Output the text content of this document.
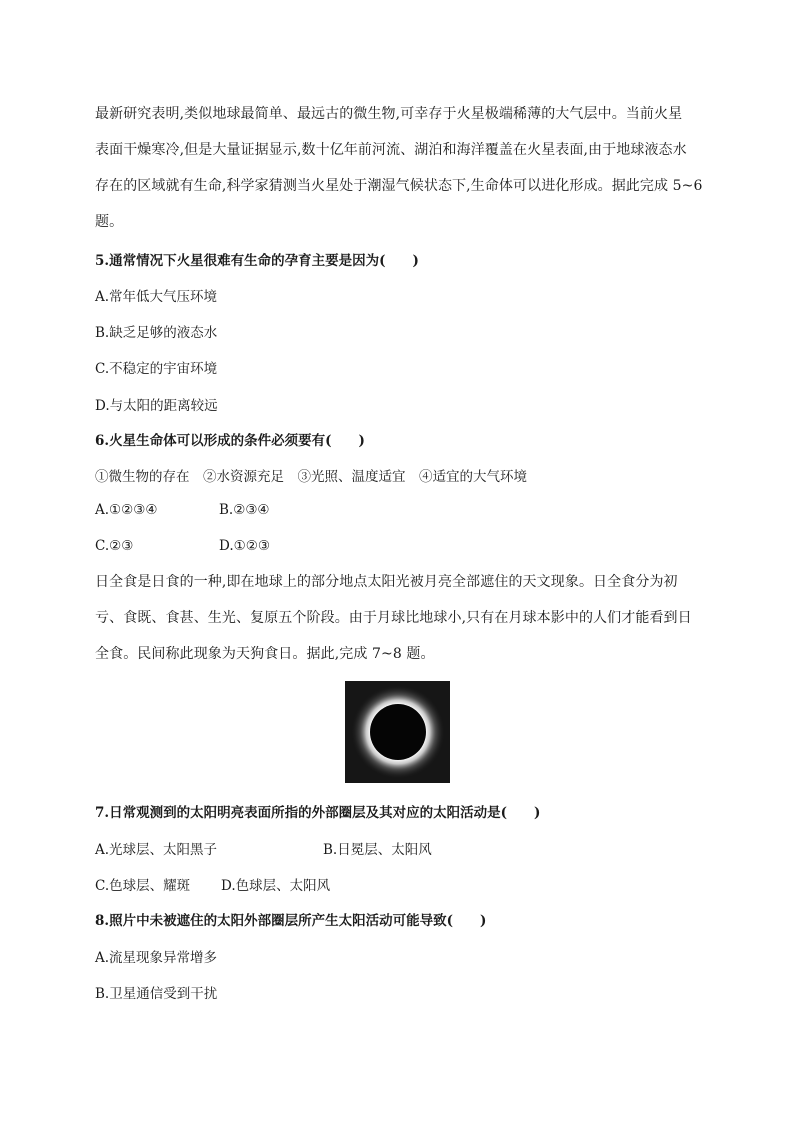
最新研究表明,类似地球最简单、最远古的微生物,可幸存于火星极端稀薄的大气层中。当前火星
表面干燥寒冷,但是大量证据显示,数十亿年前河流、湖泊和海洋覆盖在火星表面,由于地球液态水
存在的区域就有生命,科学家猜测当火星处于潮湿气候状态下,生命体可以进化形成。据此完成 5~6
题。
5.通常情况下火星很难有生命的孕育主要是因为(　　)
A.常年低大气压环境
B.缺乏足够的液态水
C.不稳定的宇宙环境
D.与太阳的距离较远
6.火星生命体可以形成的条件必须要有(　　)
①微生物的存在　②水资源充足　③光照、温度适宜　④适宜的大气环境
A.①②③④	B.②③④
C.②③	D.①②③
日全食是日食的一种,即在地球上的部分地点太阳光被月亮全部遮住的天文现象。日全食分为初
亏、食既、食甚、生光、复原五个阶段。由于月球比地球小,只有在月球本影中的人们才能看到日
全食。民间称此现象为天狗食日。据此,完成 7~8 题。
7.日常观测到的太阳明亮表面所指的外部圈层及其对应的太阳活动是(　　)
A.光球层、太阳黑子	B.日冕层、太阳风
C.色球层、耀斑 D.色球层、太阳风
8.照片中未被遮住的太阳外部圈层所产生太阳活动可能导致(　　)
A.流星现象异常增多
B.卫星通信受到干扰
